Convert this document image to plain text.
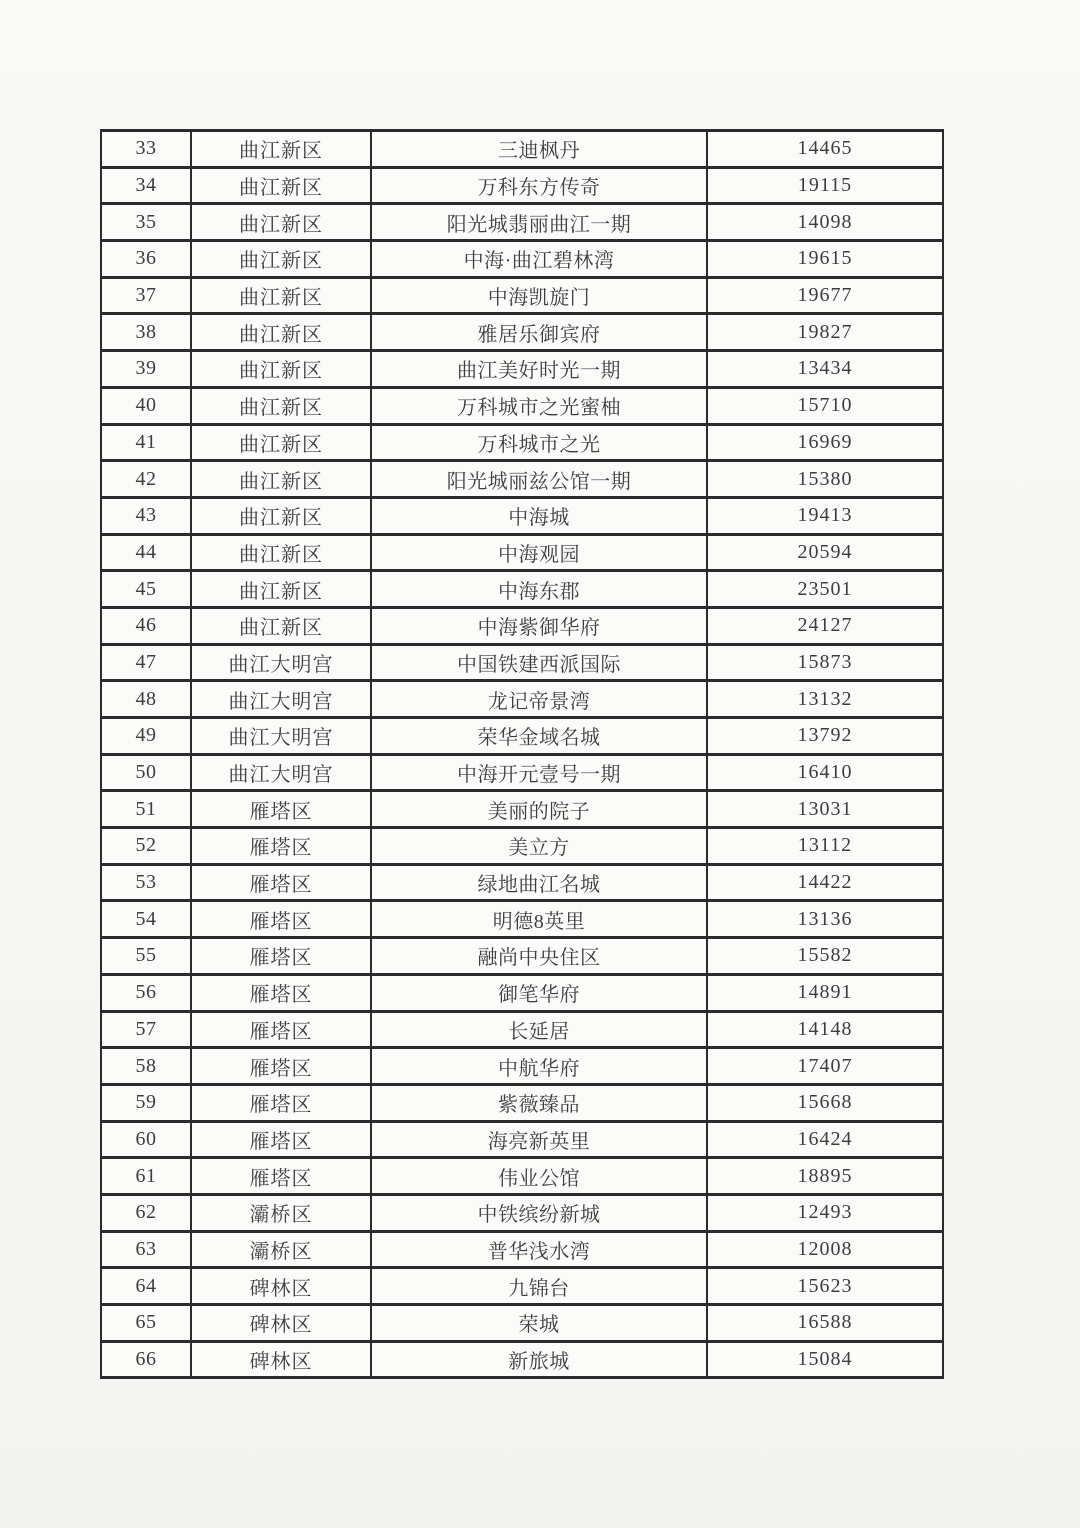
33	曲江新区	三迪枫丹	14465
34	曲江新区	万科东方传奇	19115
35	曲江新区	阳光城翡丽曲江一期	14098
36	曲江新区	中海·曲江碧林湾	19615
37	曲江新区	中海凯旋门	19677
38	曲江新区	雅居乐御宾府	19827
39	曲江新区	曲江美好时光一期	13434
40	曲江新区	万科城市之光蜜柚	15710
41	曲江新区	万科城市之光	16969
42	曲江新区	阳光城丽兹公馆一期	15380
43	曲江新区	中海城	19413
44	曲江新区	中海观园	20594
45	曲江新区	中海东郡	23501
46	曲江新区	中海紫御华府	24127
47	曲江大明宫	中国铁建西派国际	15873
48	曲江大明宫	龙记帝景湾	13132
49	曲江大明宫	荣华金域名城	13792
50	曲江大明宫	中海开元壹号一期	16410
51	雁塔区	美丽的院子	13031
52	雁塔区	美立方	13112
53	雁塔区	绿地曲江名城	14422
54	雁塔区	明德8英里	13136
55	雁塔区	融尚中央住区	15582
56	雁塔区	御笔华府	14891
57	雁塔区	长延居	14148
58	雁塔区	中航华府	17407
59	雁塔区	紫薇臻品	15668
60	雁塔区	海亮新英里	16424
61	雁塔区	伟业公馆	18895
62	灞桥区	中铁缤纷新城	12493
63	灞桥区	普华浅水湾	12008
64	碑林区	九锦台	15623
65	碑林区	荣城	16588
66	碑林区	新旅城	15084
